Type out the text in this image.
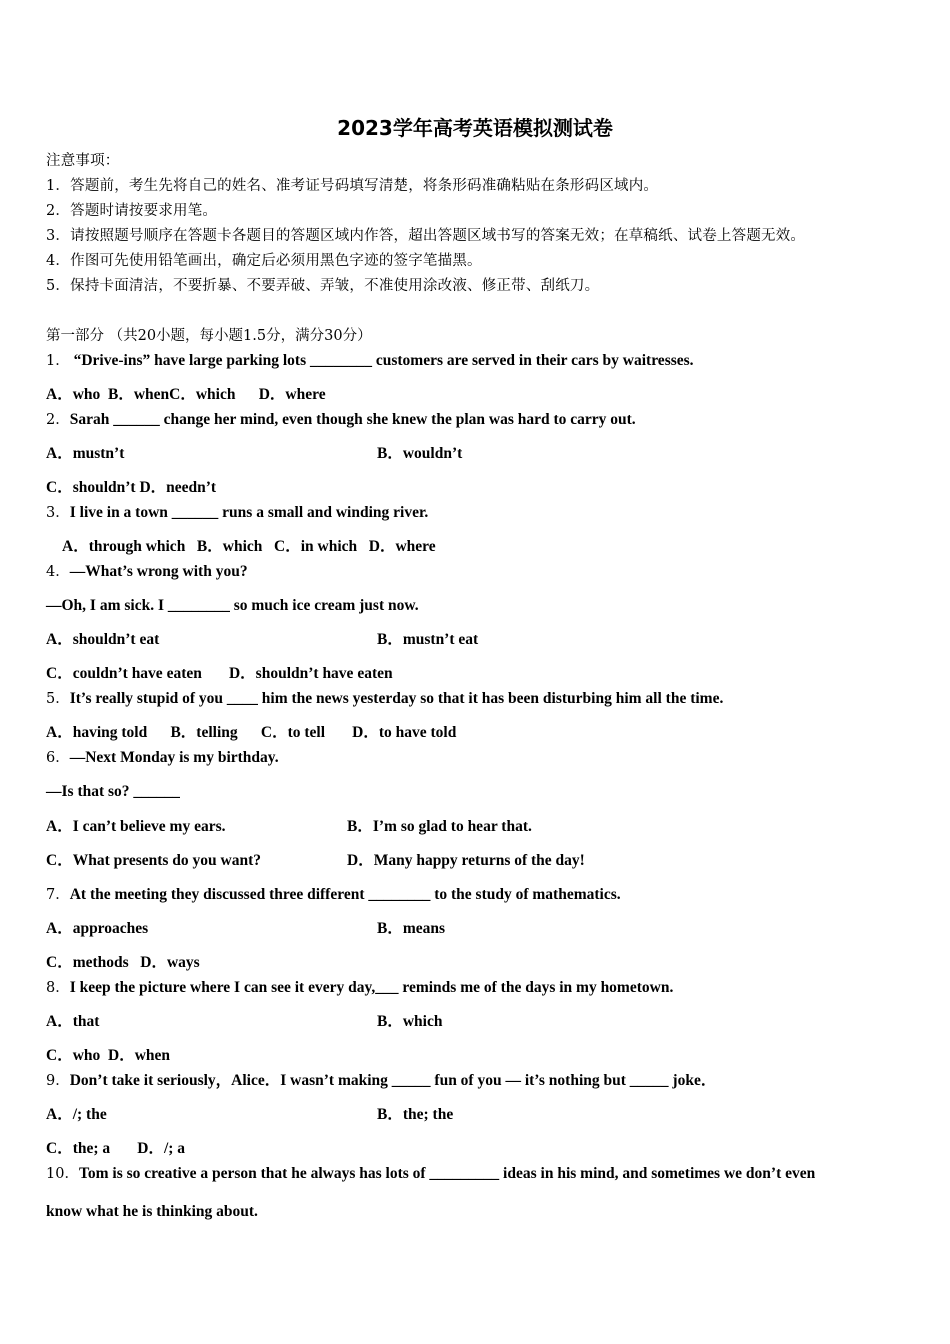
2023学年高考英语模拟测试卷
注意事项：
1．答题前，考生先将自己的姓名、准考证号码填写清楚，将条形码准确粘贴在条形码区域内。
2．答题时请按要求用笔。
3．请按照题号顺序在答题卡各题目的答题区域内作答，超出答题区域书写的答案无效；在草稿纸、试卷上答题无效。
4．作图可先使用铅笔画出，确定后必须用黑色字迹的签字笔描黑。
5．保持卡面清洁，不要折暴、不要弄破、弄皱，不准使用涂改液、修正带、刮纸刀。
第一部分 （共20小题，每小题1.5分，满分30分）
1． “Drive-ins” have large parking lots ________ customers are served in their cars by waitresses.
A．who  B．whenC．which      D．where
2．Sarah ______ change her mind, even though she knew the plan was hard to carry out.
A．mustn’t	B．wouldn’t
C．shouldn’t D．needn’t
3．I live in a town ______ runs a small and winding river.
A．through which   B．which   C．in which   D．where
4．—What’s wrong with you?
—Oh, I am sick. I ________ so much ice cream just now.
A．shouldn’t eat	B．mustn’t eat
C．couldn’t have eaten       D．shouldn’t have eaten
5．It’s really stupid of you ____ him the news yesterday so that it has been disturbing him all the time.
A．having told      B．telling      C．to tell       D．to have told
6．—Next Monday is my birthday.
—Is that so? ______
A．I can’t believe my ears.	B．I’m so glad to hear that.
C．What presents do you want?	D．Many happy returns of the day!
7．At the meeting they discussed three different ________ to the study of mathematics.
A．approaches	B．means
C．methods   D．ways
8．I keep the picture where I can see it every day,___ reminds me of the days in my hometown.
A．that	B．which
C．who  D．when
9．Don’t take it seriously，Alice．I wasn’t making _____ fun of you — it’s nothing but _____ joke．
A．/; the	B．the; the
C．the; a       D．/; a
10．Tom is so creative a person that he always has lots of _________ ideas in his mind, and sometimes we don’t even
know what he is thinking about.
